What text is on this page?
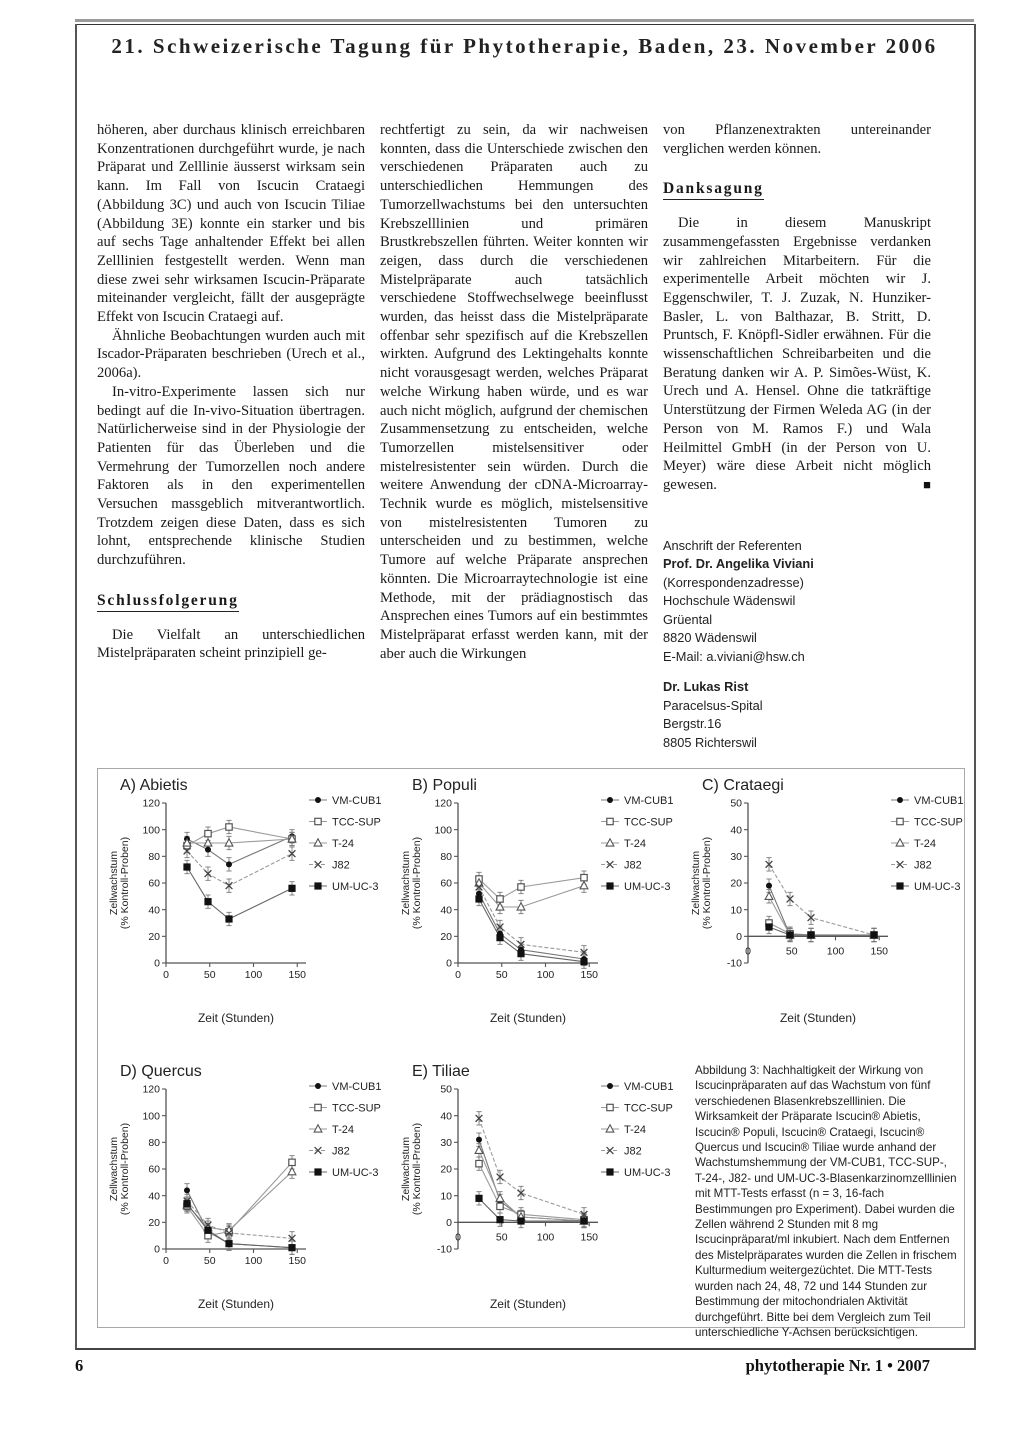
21. Schweizerische Tagung für Phytotherapie, Baden, 23. November 2006

höheren, aber durchaus klinisch erreichbaren Konzentrationen durchgeführt wurde, je nach Präparat und Zelllinie äusserst wirksam sein kann. Im Fall von Iscucin Crataegi (Abbildung 3C) und auch von Iscucin Tiliae (Abbildung 3E) konnte ein starker und bis auf sechs Tage anhaltender Effekt bei allen Zelllinien festgestellt werden. Wenn man diese zwei sehr wirksamen Iscucin-Präparate miteinander vergleicht, fällt der ausgeprägte Effekt von Iscucin Crataegi auf.

Ähnliche Beobachtungen wurden auch mit Iscador-Präparaten beschrieben (Urech et al., 2006a).

In-vitro-Experimente lassen sich nur bedingt auf die In-vivo-Situation übertragen. Natürlicherweise sind in der Physiologie der Patienten für das Überleben und die Vermehrung der Tumorzellen noch andere Faktoren als in den experimentellen Versuchen massgeblich mitverantwortlich. Trotzdem zeigen diese Daten, dass es sich lohnt, entsprechende klinische Studien durchzuführen.

Schlussfolgerung

Die Vielfalt an unterschiedlichen Mistelpräparaten scheint prinzipiell ge-

rechtfertigt zu sein, da wir nachweisen konnten, dass die Unterschiede zwischen den verschiedenen Präparaten auch zu unterschiedlichen Hemmungen des Tumorzellwachstums bei den untersuchten Krebszelllinien und primären Brustkrebszellen führten. Weiter konnten wir zeigen, dass durch die verschiedenen Mistelpräparate auch tatsächlich verschiedene Stoffwechselwege beeinflusst wurden, das heisst dass die Mistelpräparate offenbar sehr spezifisch auf die Krebszellen wirkten. Aufgrund des Lektingehalts konnte nicht vorausgesagt werden, welches Präparat welche Wirkung haben würde, und es war auch nicht möglich, aufgrund der chemischen Zusammensetzung zu entscheiden, welche Tumorzellen mistelsensitiver oder mistelresistenter sein würden. Durch die weitere Anwendung der cDNA-Microarray-Technik wurde es möglich, mistelsensitive von mistelresistenten Tumoren zu unterscheiden und zu bestimmen, welche Tumore auf welche Präparate ansprechen könnten. Die Microarraytechnologie ist eine Methode, mit der prädiagnostisch das Ansprechen eines Tumors auf ein bestimmtes Mistelpräparat erfasst werden kann, mit der aber auch die Wirkungen

von Pflanzenextrakten untereinander verglichen werden können.

Danksagung

Die in diesem Manuskript zusammengefassten Ergebnisse verdanken wir zahlreichen Mitarbeitern. Für die experimentelle Arbeit möchten wir J. Eggenschwiler, T. J. Zuzak, N. Hunziker-Basler, L. von Balthazar, B. Stritt, D. Pruntsch, F. Knöpfl-Sidler erwähnen. Für die wissenschaftlichen Schreibarbeiten und die Beratung danken wir A. P. Simões-Wüst, K. Urech und A. Hensel. Ohne die tatkräftige Unterstützung der Firmen Weleda AG (in der Person von M. Ramos F.) und Wala Heilmittel GmbH (in der Person von U. Meyer) wäre diese Arbeit nicht möglich gewesen.	■

Anschrift der Referenten
Prof. Dr. Angelika Viviani
(Korrespondenzadresse)
Hochschule Wädenswil
Grüental
8820 Wädenswil
E-Mail: a.viviani@hsw.ch
Dr. Lukas Rist
Paracelsus-Spital
Bergstr.16
8805 Richterswil
A) Abietis
0
20
40
60
80
100
120
0	50	100 150
Zeit (Stunden)
Zellwachstum (% Kontroll-Proben)
VM-CUB1
TCC-SUP
T-24
J82
UM-UC-3
B) Populi
0
20
40
60
80
100
120
0	50	100 150
Zeit (Stunden)
Zellwachstum (% Kontroll-Proben)
VM-CUB1
TCC-SUP
T-24
J82
UM-UC-3
C) Crataegi
-10
0
10
20
30
40
50
0	50	100 150
Zeit (Stunden)
Zellwachstum (% Kontroll-Proben)
VM-CUB1
TCC-SUP
T-24
J82
UM-UC-3
D) Quercus
0
20
40
60
80
100
120
0	50	100 150
Zeit (Stunden)
Zellwachstum (% Kontroll-Proben)
VM-CUB1
TCC-SUP
T-24
J82
UM-UC-3
E) Tiliae
-10
0
10
20
30
40
50
0	50	100 150
Zeit (Stunden)
Zellwachstum (% Kontroll-Proben)
VM-CUB1
TCC-SUP
T-24
J82
UM-UC-3
Abbildung 3: Nachhaltigkeit der Wirkung von Iscucinpräparaten auf das Wachstum von fünf verschiedenen Blasenkrebszelllinien. Die Wirksamkeit der Präparate Iscucin® Abietis, Iscucin® Populi, Iscucin® Crataegi, Iscucin® Quercus und Iscucin® Tiliae wurde anhand der Wachstumshemmung der VM-CUB1, TCC-SUP-, T-24-, J82- und UM-UC-3-Blasenkarzinomzelllinien mit MTT-Tests erfasst (n = 3, 16-fach Bestimmungen pro Experiment). Dabei wurden die Zellen während 2 Stunden mit 8 mg Iscucinpräparat/ml inkubiert. Nach dem Entfernen des Mistelpräparates wurden die Zellen in frischem Kulturmedium weitergezüchtet. Die MTT-Tests wurden nach 24, 48, 72 und 144 Stunden zur Bestimmung der mitochondrialen Aktivität durchgeführt. Bitte bei dem Vergleich zum Teil unterschiedliche Y-Achsen berücksichtigen.
6	phytotherapie Nr. 1 • 2007
